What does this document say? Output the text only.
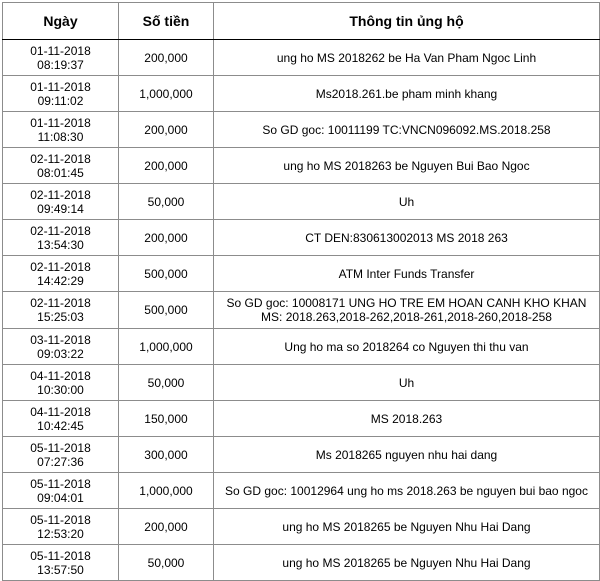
Ngày	Số tiền	Thông tin ủng hộ
01-11-2018 08:19:37	200,000	ung ho MS 2018262 be Ha Van Pham Ngoc Linh
01-11-2018 09:11:02	1,000,000	Ms2018.261.be pham minh khang
01-11-2018 11:08:30	200,000	So GD goc: 10011199 TC:VNCN096092.MS.2018.258
02-11-2018 08:01:45	200,000	ung ho MS 2018263 be Nguyen Bui Bao Ngoc
02-11-2018 09:49:14	50,000	Uh
02-11-2018 13:54:30	200,000	CT DEN:830613002013 MS 2018 263
02-11-2018 14:42:29	500,000	ATM Inter Funds Transfer
02-11-2018 15:25:03	500,000	So GD goc: 10008171 UNG HO TRE EM HOAN CANH KHO KHAN MS: 2018.263,2018-262,2018-261,2018-260,2018-258
03-11-2018 09:03:22	1,000,000	Ung ho ma so 2018264 co Nguyen thi thu van
04-11-2018 10:30:00	50,000	Uh
04-11-2018 10:42:45	150,000	MS 2018.263
05-11-2018 07:27:36	300,000	Ms 2018265 nguyen nhu hai dang
05-11-2018 09:04:01	1,000,000	So GD goc: 10012964 ung ho ms 2018.263 be nguyen bui bao ngoc
05-11-2018 12:53:20	200,000	ung ho MS 2018265 be Nguyen Nhu Hai Dang
05-11-2018 13:57:50	50,000	ung ho MS 2018265 be Nguyen Nhu Hai Dang
